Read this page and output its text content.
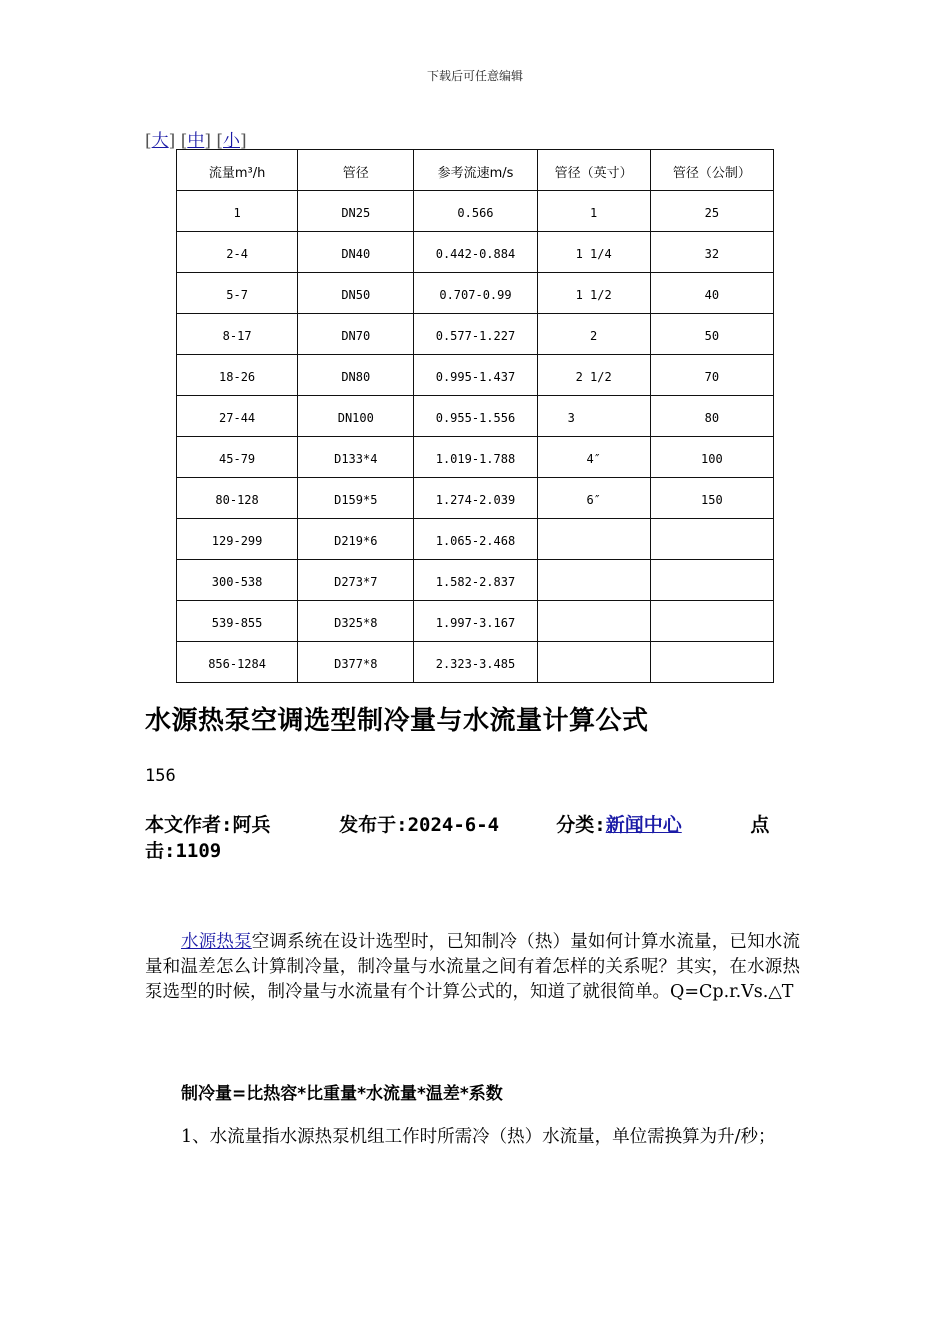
下载后可任意编辑
[大] [中] [小]
流量m³/h	管径	参考流速m/s	管径（英寸）	管径（公制）
1	DN25	0.566	1	25
2-4	DN40	0.442-0.884	1 1/4	32
5-7	DN50	0.707-0.99	1 1/2	40
8-17	DN70	0.577-1.227	2	50
18-26	DN80	0.995-1.437	2 1/2	70
27-44	DN100	0.955-1.556	3	80
45-79	D133*4	1.019-1.788	4″	100
80-128	D159*5	1.274-2.039	6″	150
129-299	D219*6	1.065-2.468		
300-538	D273*7	1.582-2.837		
539-855	D325*8	1.997-3.167		
856-1284	D377*8	2.323-3.485		
水源热泵空调选型制冷量与水流量计算公式
156
本文作者:阿兵	发布于:2024-6-4	分类:新闻中心	点
击:1109

水源热泵空调系统在设计选型时，已知制冷（热）量如何计算水流量，已知水流量和温差怎么计算制冷量，制冷量与水流量之间有着怎样的关系呢？其实，在水源热泵选型的时候，制冷量与水流量有个计算公式的，知道了就很简单。Q=Cp.r.Vs.△T

制冷量=比热容*比重量*水流量*温差*系数

1、水流量指水源热泵机组工作时所需冷（热）水流量，单位需换算为升/秒；
